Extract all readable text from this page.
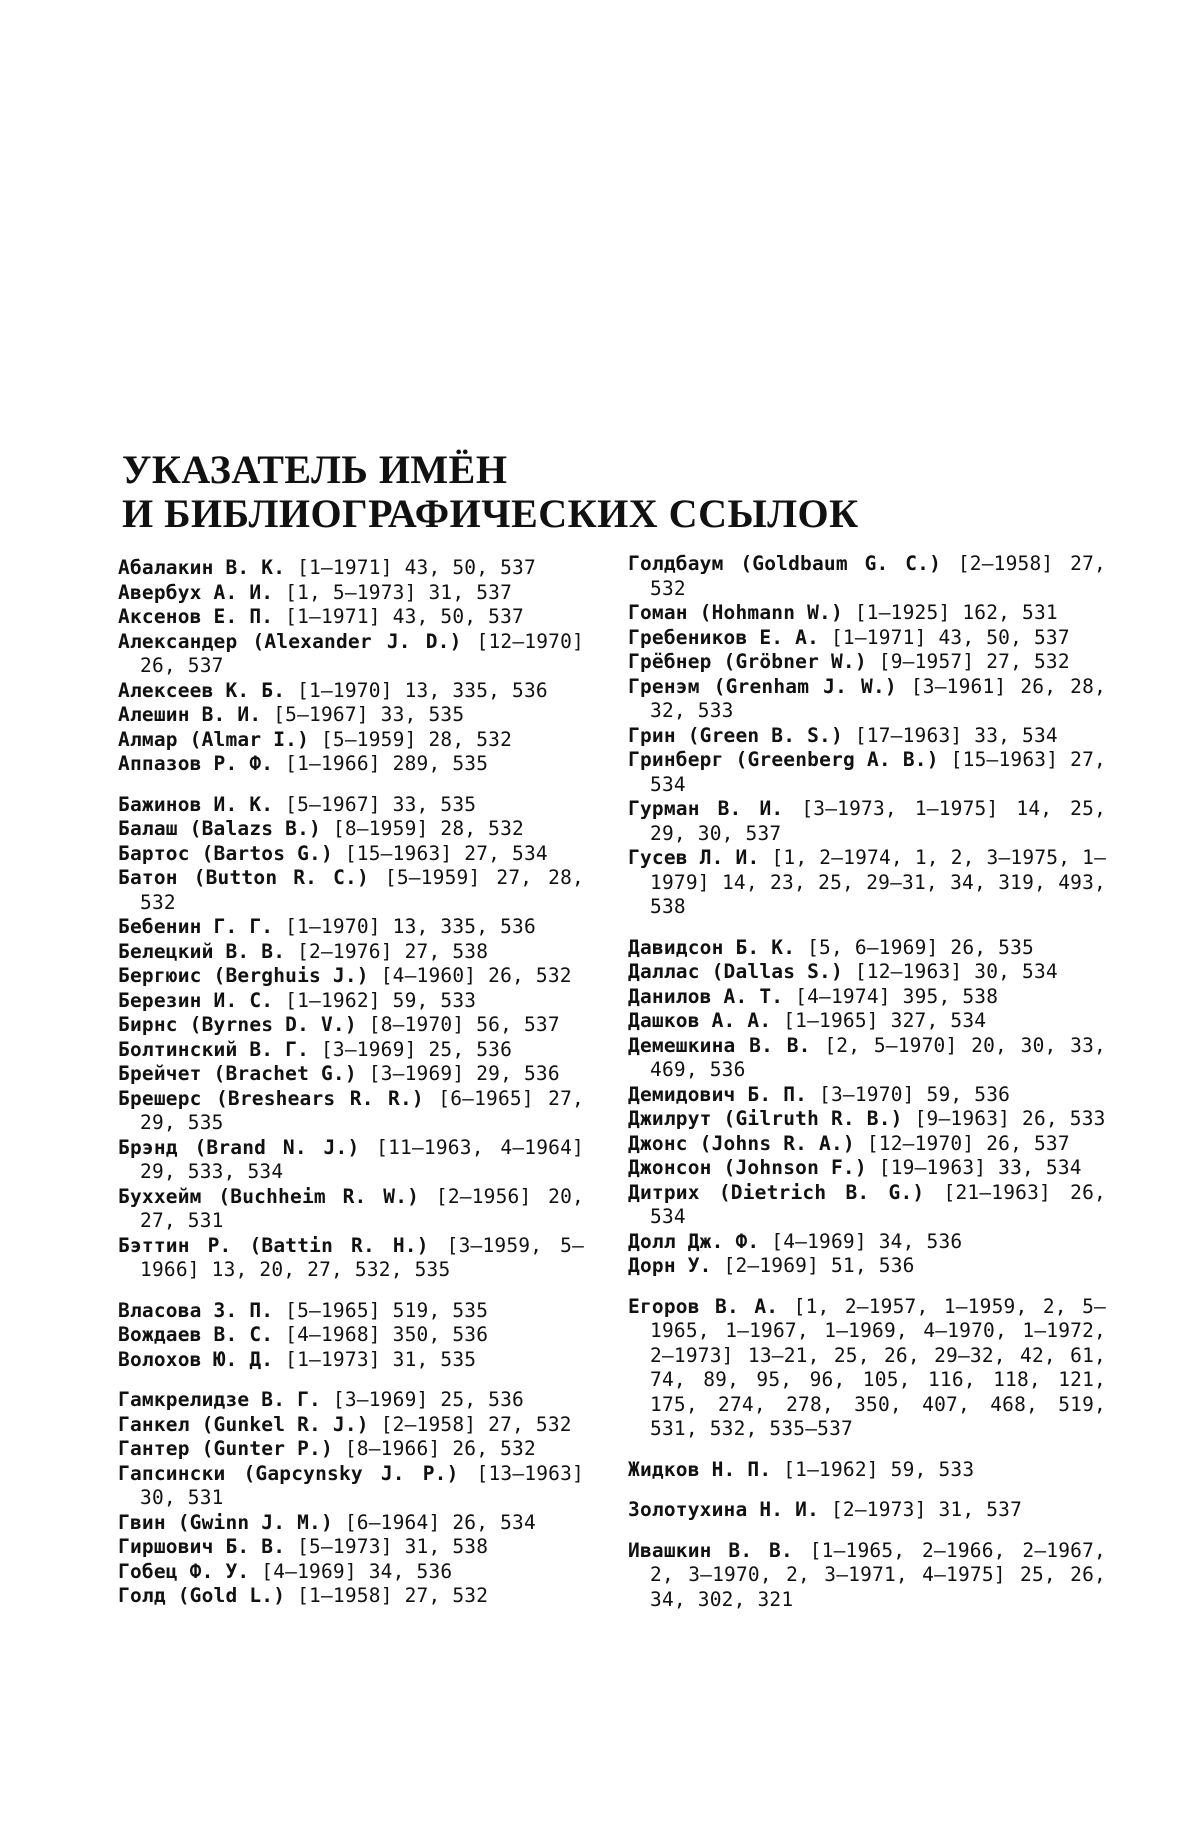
УКАЗАТЕЛЬ ИМЁН
И БИБЛИОГРАФИЧЕСКИХ ССЫЛОК
Абалакин В. К. [1—1971] 43, 50, 537
Авербух А. И. [1, 5—1973] 31, 537
Аксенов Е. П. [1—1971] 43, 50, 537
Александер (Alexander J. D.) [12—1970] 26, 537
Алексеев К. Б. [1—1970] 13, 335, 536
Алешин В. И. [5—1967] 33, 535
Алмар (Almar I.) [5—1959] 28, 532
Аппазов Р. Ф. [1—1966] 289, 535
Бажинов И. К. [5—1967] 33, 535
Балаш (Balazs B.) [8—1959] 28, 532
Бартос (Bartos G.) [15—1963] 27, 534
Батон (Button R. C.) [5—1959] 27, 28, 532
Бебенин Г. Г. [1—1970] 13, 335, 536
Белецкий В. В. [2—1976] 27, 538
Бергюис (Berghuis J.) [4—1960] 26, 532
Березин И. С. [1—1962] 59, 533
Бирнс (Byrnes D. V.) [8—1970] 56, 537
Болтинский В. Г. [3—1969] 25, 536
Брейчет (Brachet G.) [3—1969] 29, 536
Брешерс (Breshears R. R.) [6—1965] 27, 29, 535
Брэнд (Brand N. J.) [11—1963, 4—1964] 29, 533, 534
Буххейм (Buchheim R. W.) [2—1956] 20, 27, 531
Бэттин Р. (Battin R. H.) [3—1959, 5—1966] 13, 20, 27, 532, 535
Власова З. П. [5—1965] 519, 535
Вождаев В. С. [4—1968] 350, 536
Волохов Ю. Д. [1—1973] 31, 535
Гамкрелидзе В. Г. [3—1969] 25, 536
Ганкел (Gunkel R. J.) [2—1958] 27, 532
Гантер (Gunter P.) [8—1966] 26, 532
Гапсински (Gapcynsky J. P.) [13—1963] 30, 531
Гвин (Gwinn J. M.) [6—1964] 26, 534
Гиршович Б. В. [5—1973] 31, 538
Гобец Ф. У. [4—1969] 34, 536
Голд (Gold L.) [1—1958] 27, 532
Голдбаум (Goldbaum G. C.) [2—1958] 27, 532
Гоман (Hohmann W.) [1—1925] 162, 531
Гребеников Е. А. [1—1971] 43, 50, 537
Грёбнер (Gröbner W.) [9—1957] 27, 532
Гренэм (Grenham J. W.) [3—1961] 26, 28, 32, 533
Грин (Green B. S.) [17—1963] 33, 534
Гринберг (Greenberg A. B.) [15—1963] 27, 534
Гурман В. И. [3—1973, 1—1975] 14, 25, 29, 30, 537
Гусев Л. И. [1, 2—1974, 1, 2, 3—1975, 1—1979] 14, 23, 25, 29—31, 34, 319, 493, 538
Давидсон Б. К. [5, 6—1969] 26, 535
Даллас (Dallas S.) [12—1963] 30, 534
Данилов А. Т. [4—1974] 395, 538
Дашков А. А. [1—1965] 327, 534
Демешкина В. В. [2, 5—1970] 20, 30, 33, 469, 536
Демидович Б. П. [3—1970] 59, 536
Джилрут (Gilruth R. B.) [9—1963] 26, 533
Джонс (Johns R. A.) [12—1970] 26, 537
Джонсон (Johnson F.) [19—1963] 33, 534
Дитрих (Dietrich B. G.) [21—1963] 26, 534
Долл Дж. Ф. [4—1969] 34, 536
Дорн У. [2—1969] 51, 536
Егоров В. А. [1, 2—1957, 1—1959, 2, 5—1965, 1—1967, 1—1969, 4—1970, 1—1972, 2—1973] 13—21, 25, 26, 29—32, 42, 61, 74, 89, 95, 96, 105, 116, 118, 121, 175, 274, 278, 350, 407, 468, 519, 531, 532, 535—537
Жидков Н. П. [1—1962] 59, 533
Золотухина Н. И. [2—1973] 31, 537
Ивашкин В. В. [1—1965, 2—1966, 2—1967, 2, 3—1970, 2, 3—1971, 4—1975] 25, 26, 34, 302, 321
